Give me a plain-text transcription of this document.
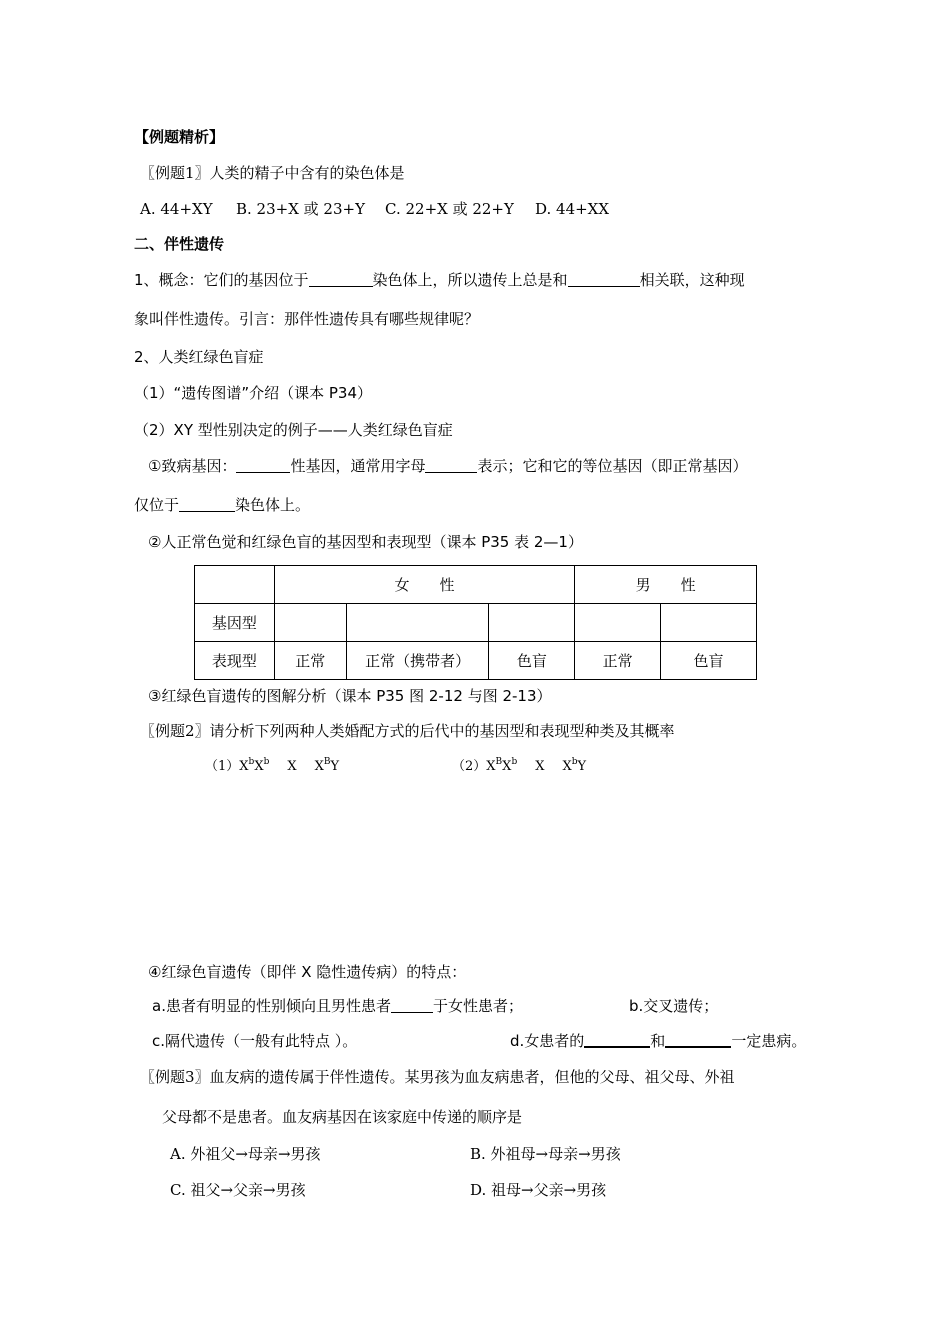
【例题精析】
〖例题1〗人类的精子中含有的染色体是
A. 44+XY B. 23+X 或 23+Y C. 22+X 或 22+Y D. 44+XX
二、伴性遗传
1、概念：它们的基因位于	染色体上，所以遗传上总是和	相关联，这种现
象叫伴性遗传。引言：那伴性遗传具有哪些规律呢？
2、人类红绿色盲症
（1）“遗传图谱”介绍（课本 P34）
（2）XY 型性别决定的例子——人类红绿色盲症
①致病基因：	性基因，通常用字母	表示；它和它的等位基因（即正常基因）
仅位于	染色体上。
②人正常色觉和红绿色盲的基因型和表现型（课本 P35 表 2—1）
	女　　性			男　　性	
基因型					
表现型	正常	正常（携带者）	色盲	正常	色盲
③红绿色盲遗传的图解分析（课本 P35 图 2-12 与图 2-13）
〖例题2〗请分析下列两种人类婚配方式的后代中的基因型和表现型种类及其概率
$(1)X^bX^b$ X $X^BY$	$(2)X^BX^b$ X $X^bY$
④红绿色盲遗传（即伴 X 隐性遗传病）的特点：
a.患者有明显的性别倾向且男性患者	于女性患者；	b.交叉遗传；
c.隔代遗传（一般有此特点 ）。	d.女患者的	和	一定患病。
〖例题3〗血友病的遗传属于伴性遗传。某男孩为血友病患者，但他的父母、祖父母、外祖
父母都不是患者。血友病基因在该家庭中传递的顺序是
A. 外祖父→母亲→男孩	B. 外祖母→母亲→男孩
C. 祖父→父亲→男孩	D. 祖母→父亲→男孩
